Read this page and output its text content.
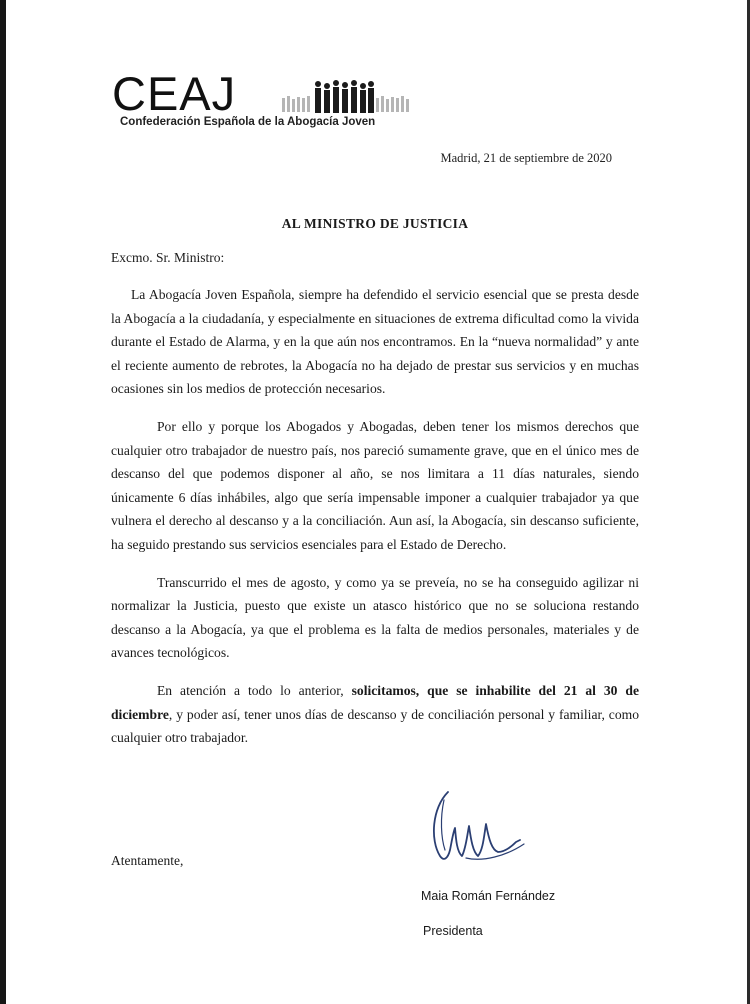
CEAJ
Confederación Española de la Abogacía Joven
Madrid, 21 de septiembre de 2020
AL MINISTRO DE JUSTICIA
Excmo. Sr. Ministro:

La Abogacía Joven Española, siempre ha defendido el servicio esencial que se presta desde la Abogacía a la ciudadanía, y especialmente en situaciones de extrema dificultad como la vivida durante el Estado de Alarma, y en la que aún nos encontramos. En la “nueva normalidad” y ante el reciente aumento de rebrotes, la Abogacía no ha dejado de prestar sus servicios y en muchas ocasiones sin los medios de protección necesarios.

Por ello y porque los Abogados y Abogadas, deben tener los mismos derechos que cualquier otro trabajador de nuestro país, nos pareció sumamente grave, que en el único mes de descanso del que podemos disponer al año, se nos limitara a 11 días naturales, siendo únicamente 6 días inhábiles, algo que sería impensable imponer a cualquier trabajador ya que vulnera el derecho al descanso y a la conciliación. Aun así, la Abogacía, sin descanso suficiente, ha seguido prestando sus servicios esenciales para el Estado de Derecho.

Transcurrido el mes de agosto, y como ya se preveía, no se ha conseguido agilizar ni normalizar la Justicia, puesto que existe un atasco histórico que no se soluciona restando descanso a la Abogacía, ya que el problema es la falta de medios personales, materiales y de avances tecnológicos.

En atención a todo lo anterior, solicitamos, que se inhabilite del 21 al 30 de diciembre, y poder así, tener unos días de descanso y de conciliación personal y familiar, como cualquier otro trabajador.

Atentamente,
Maia Román Fernández
Presidenta
